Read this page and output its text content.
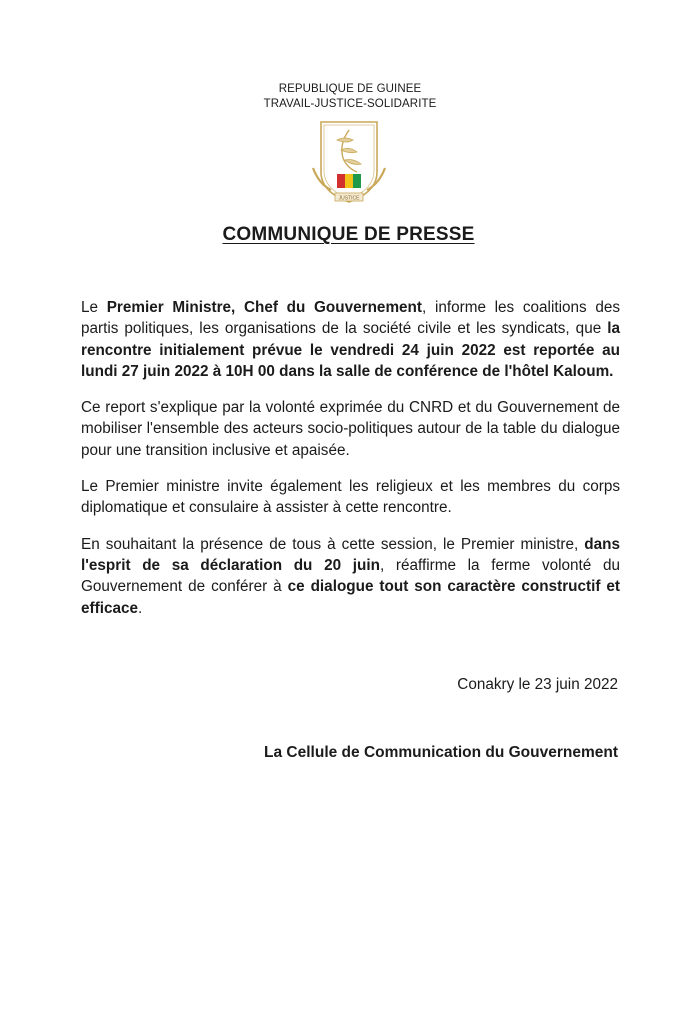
REPUBLIQUE DE GUINEE
TRAVAIL-JUSTICE-SOLIDARITE
JUSTICE
COMMUNIQUE DE PRESSE

Le Premier Ministre, Chef du Gouvernement, informe les coalitions des partis politiques, les organisations de la société civile et les syndicats, que la rencontre initialement prévue le vendredi 24 juin 2022 est reportée au lundi 27 juin 2022 à 10H 00 dans la salle de conférence de l'hôtel Kaloum.

Ce report s'explique par la volonté exprimée du CNRD et du Gouvernement de mobiliser l'ensemble des acteurs socio-politiques autour de la table du dialogue pour une transition inclusive et apaisée.

Le Premier ministre invite également les religieux et les membres du corps diplomatique et consulaire à assister à cette rencontre.

En souhaitant la présence de tous à cette session, le Premier ministre, dans l'esprit de sa déclaration du 20 juin, réaffirme la ferme volonté du Gouvernement de conférer à ce dialogue tout son caractère constructif et efficace.

Conakry le 23 juin 2022
La Cellule de Communication du Gouvernement
